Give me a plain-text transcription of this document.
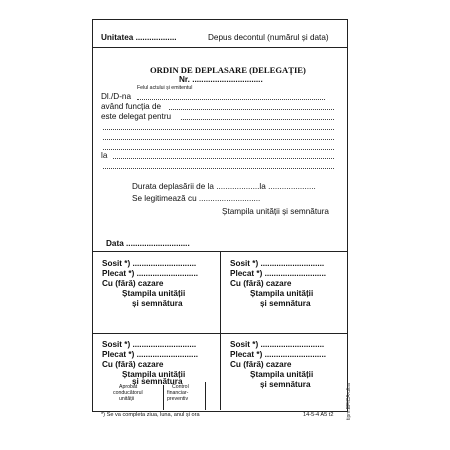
Unitatea ..................	Depus decontul (numărul și data)
ORDIN DE DEPLASARE (DELEGAȚIE)
Nr. ...............................
Felul actului și emitentul
Dl./D-na
având funcția de
este delegat pentru
la
Durata deplasării de la ...................la .....................
Se legitimează cu ...........................
Ștampila unității și semnătura
Data ............................
Sosit *) ............................
Plecat *) ...........................
Cu (fără) cazare
Ștampila unității
și semnătura
Sosit *) ............................
Plecat *) ...........................
Cu (fără) cazare
Ștampila unității
și semnătura
Sosit *) ............................
Plecat *) ...........................
Cu (fără) cazare
Ștampila unității
și semnătura
Aprobat
conducătorul
unității
Control
financiar-
preventiv
Sosit *) ............................
Plecat *) ...........................
Cu (fără) cazare
Ștampila unității
și semnătura
*) Se va completa ziua, luna, anul și ora	14-5-4 A5 t2	tipm.EFICA-ultra
